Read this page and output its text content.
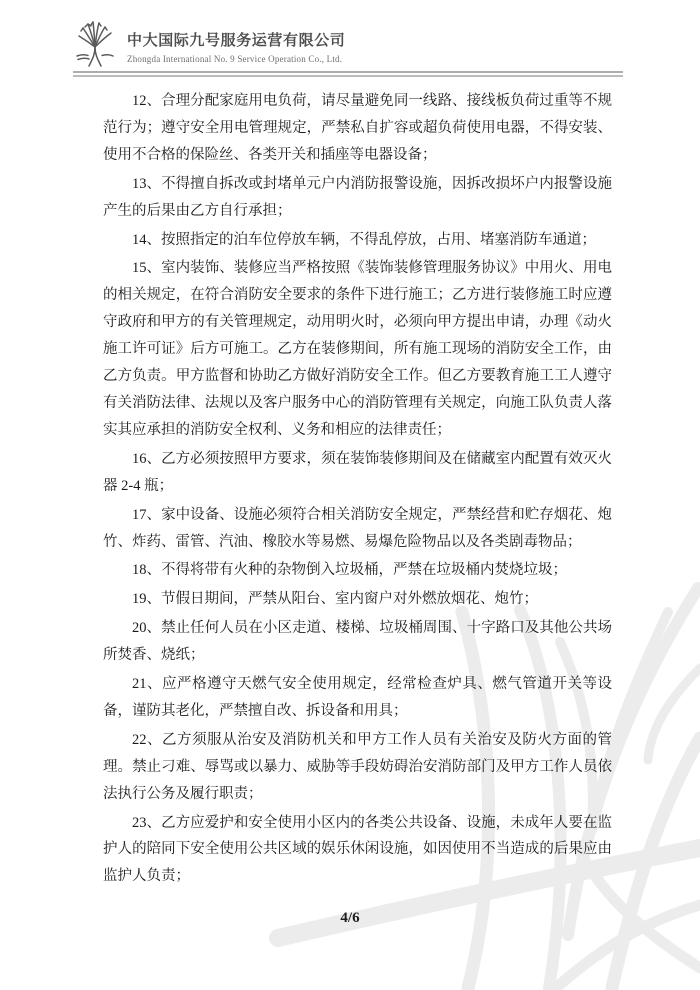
中大国际九号服务运营有限公司
Zhongda International No. 9 Service Operation Co., Ltd.

12、合理分配家庭用电负荷，请尽量避免同一线路、接线板负荷过重等不规范行为；遵守安全用电管理规定，严禁私自扩容或超负荷使用电器，不得安装、使用不合格的保险丝、各类开关和插座等电器设备；

13、不得擅自拆改或封堵单元户内消防报警设施，因拆改损坏户内报警设施产生的后果由乙方自行承担；

14、按照指定的泊车位停放车辆，不得乱停放，占用、堵塞消防车通道；

15、室内装饰、装修应当严格按照《装饰装修管理服务协议》中用火、用电的相关规定，在符合消防安全要求的条件下进行施工；乙方进行装修施工时应遵守政府和甲方的有关管理规定，动用明火时，必须向甲方提出申请，办理《动火施工许可证》后方可施工。乙方在装修期间，所有施工现场的消防安全工作，由乙方负责。甲方监督和协助乙方做好消防安全工作。但乙方要教育施工工人遵守有关消防法律、法规以及客户服务中心的消防管理有关规定，向施工队负责人落实其应承担的消防安全权利、义务和相应的法律责任；

16、乙方必须按照甲方要求，须在装饰装修期间及在储藏室内配置有效灭火器 2-4 瓶；

17、家中设备、设施必须符合相关消防安全规定，严禁经营和贮存烟花、炮竹、炸药、雷管、汽油、橡胶水等易燃、易爆危险物品以及各类剧毒物品；

18、不得将带有火种的杂物倒入垃圾桶，严禁在垃圾桶内焚烧垃圾；

19、节假日期间，严禁从阳台、室内窗户对外燃放烟花、炮竹；

20、禁止任何人员在小区走道、楼梯、垃圾桶周围、十字路口及其他公共场所焚香、烧纸；

21、应严格遵守天燃气安全使用规定，经常检查炉具、燃气管道开关等设备，谨防其老化，严禁擅自改、拆设备和用具；

22、乙方须服从治安及消防机关和甲方工作人员有关治安及防火方面的管理。禁止刁难、辱骂或以暴力、威胁等手段妨碍治安消防部门及甲方工作人员依法执行公务及履行职责；

23、乙方应爱护和安全使用小区内的各类公共设备、设施，未成年人要在监护人的陪同下安全使用公共区域的娱乐休闲设施，如因使用不当造成的后果应由监护人负责；

4/6
